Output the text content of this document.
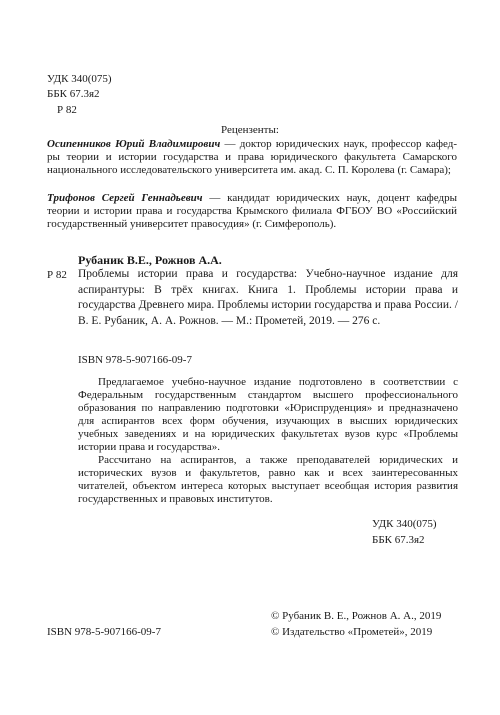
УДК 340(075)
ББК 67.3я2
Р 82
Рецензенты:
Осипенников Юрий Владимирович — доктор юридических наук, профессор кафед- ры теории и истории государства и права юридического факультета Самарского национального исследовательского университета им. акад. С. П. Королева (г. Самара);
Трифонов Сергей Геннадьевич — кандидат юридических наук, доцент кафедры теории и истории права и государства Крымского филиала ФГБОУ ВО «Российский государственный университет правосудия» (г. Симферополь).
Рубаник В.Е., Рожнов А.А.
Р 82 Проблемы истории права и государства: Учебно-научное издание для аспирантуры: В трёх книгах. Книга 1. Проблемы истории права и государства Древнего мира. Проблемы истории государства и права России. / В. Е. Рубаник, А. А. Рожнов. — М.: Прометей, 2019. — 276 с.
ISBN 978-5-907166-09-7
Предлагаемое учебно-научное издание подготовлено в соответствии с Федеральным государственным стандартом высшего профессионального образования по направлению подготовки «Юриспруденция» и предназначено для аспирантов всех форм обучения, изучающих в высших юридических учебных заведениях и на юридических факультетах вузов курс «Проблемы истории права и государства».
Рассчитано на аспирантов, а также преподавателей юридических и исторических вузов и факультетов, равно как и всех заинтересованных читателей, объектом интереса которых выступает всеобщая история развития государственных и правовых институтов.
УДК 340(075)
ББК 67.3я2
ISBN 978-5-907166-09-7
© Рубаник В. Е., Рожнов А. А., 2019
© Издательство «Прометей», 2019
